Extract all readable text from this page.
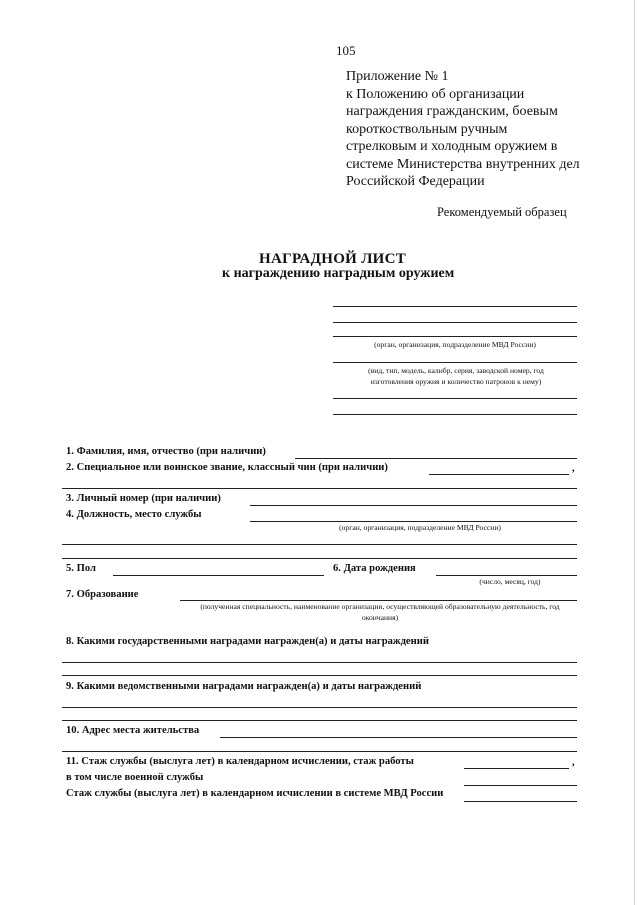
105
Приложение № 1
к Положению об организации
награждения гражданским, боевым
короткоствольным ручным
стрелковым и холодным оружием в
системе Министерства внутренних дел
Российской Федерации
Рекомендуемый образец
НАГРАДНОЙ ЛИСТ
к награждению наградным оружием
(орган, организация, подразделение МВД России)
(вид, тип, модель, калибр, серия, заводской номер, год изготовления оружия и количество патронов к нему)
1. Фамилия, имя, отчество (при наличии)
2. Специальное или воинское звание, классный чин (при наличии)	,
3. Личный номер (при наличии)
4. Должность, место службы
(орган, организация, подразделение МВД России)
5. Пол	6. Дата рождения
(число, месяц, год)
7. Образование
(полученная специальность, наименование организации, осуществляющей образовательную деятельность, год окончания)
8. Какими государственными наградами награжден(а) и даты награждений
9. Какими ведомственными наградами награжден(а) и даты награждений
10. Адрес места жительства
11. Стаж службы (выслуга лет) в календарном исчислении, стаж работы	,
в том числе военной службы
Стаж службы (выслуга лет) в календарном исчислении в системе МВД России
